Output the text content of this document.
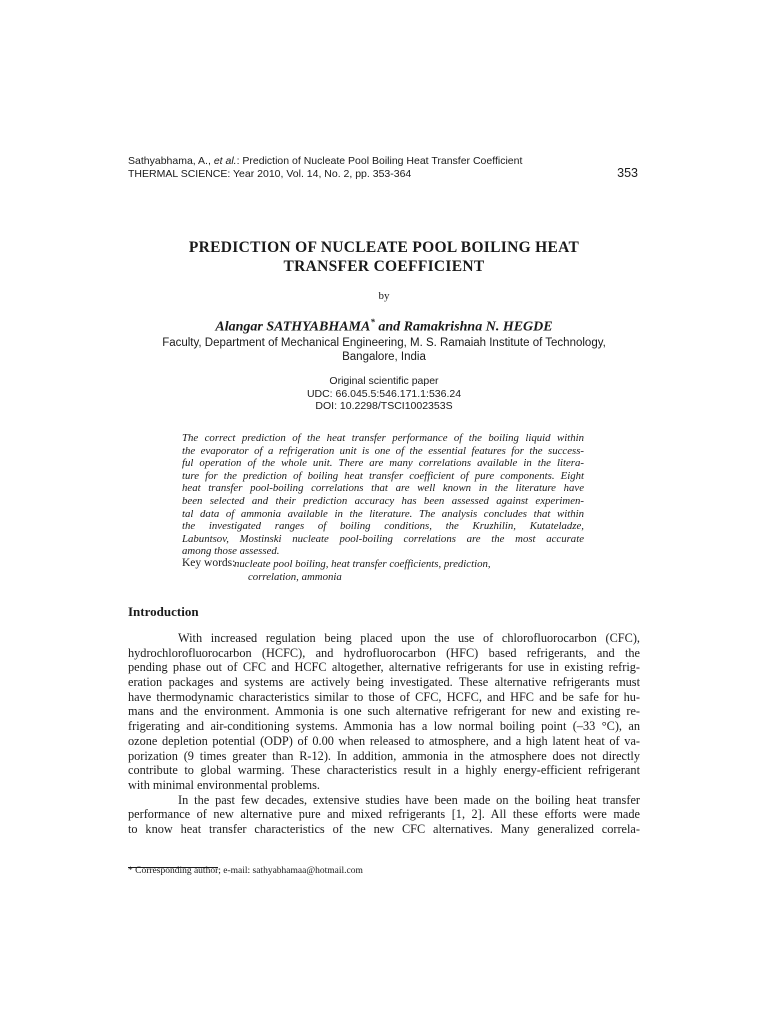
Sathyabhama, A., et al.: Prediction of Nucleate Pool Boiling Heat Transfer Coefficient
THERMAL SCIENCE: Year 2010, Vol. 14, No. 2, pp. 353-364	353
PREDICTION OF NUCLEATE POOL BOILING HEAT
TRANSFER COEFFICIENT
by
Alangar SATHYABHAMA* and Ramakrishna N. HEGDE
Faculty, Department of Mechanical Engineering, M. S. Ramaiah Institute of Technology,
Bangalore, India
Original scientific paper
UDC: 66.045.5:546.171.1:536.24
DOI: 10.2298/TSCI1002353S
The correct prediction of the heat transfer performance of the boiling liquid within
the evaporator of a refrigeration unit is one of the essential features for the success-
ful operation of the whole unit. There are many correlations available in the litera-
ture for the prediction of boiling heat transfer coefficient of pure components. Eight
heat transfer pool-boiling correlations that are well known in the literature have
been selected and their prediction accuracy has been assessed against experimen-
tal data of ammonia available in the literature. The analysis concludes that within
the investigated ranges of boiling conditions, the Kruzhilin, Kutateladze,
Labuntsov, Mostinski nucleate pool-boiling correlations are the most accurate
among those assessed.
Key words:
nucleate pool boiling, heat transfer coefficients, prediction,
correlation, ammonia
Introduction
With increased regulation being placed upon the use of chlorofluorocarbon (CFC),
hydrochlorofluorocarbon (HCFC), and hydrofluorocarbon (HFC) based refrigerants, and the
pending phase out of CFC and HCFC altogether, alternative refrigerants for use in existing refrig-
eration packages and systems are actively being investigated. These alternative refrigerants must
have thermodynamic characteristics similar to those of CFC, HCFC, and HFC and be safe for hu-
mans and the environment. Ammonia is one such alternative refrigerant for new and existing re-
frigerating and air-conditioning systems. Ammonia has a low normal boiling point (–33 °C), an
ozone depletion potential (ODP) of 0.00 when released to atmosphere, and a high latent heat of va-
porization (9 times greater than R-12). In addition, ammonia in the atmosphere does not directly
contribute to global warming. These characteristics result in a highly energy-efficient refrigerant
with minimal environmental problems.
In the past few decades, extensive studies have been made on the boiling heat transfer
performance of new alternative pure and mixed refrigerants [1, 2]. All these efforts were made
to know heat transfer characteristics of the new CFC alternatives. Many generalized correla-
* Corresponding author; e-mail: sathyabhamaa@hotmail.com
